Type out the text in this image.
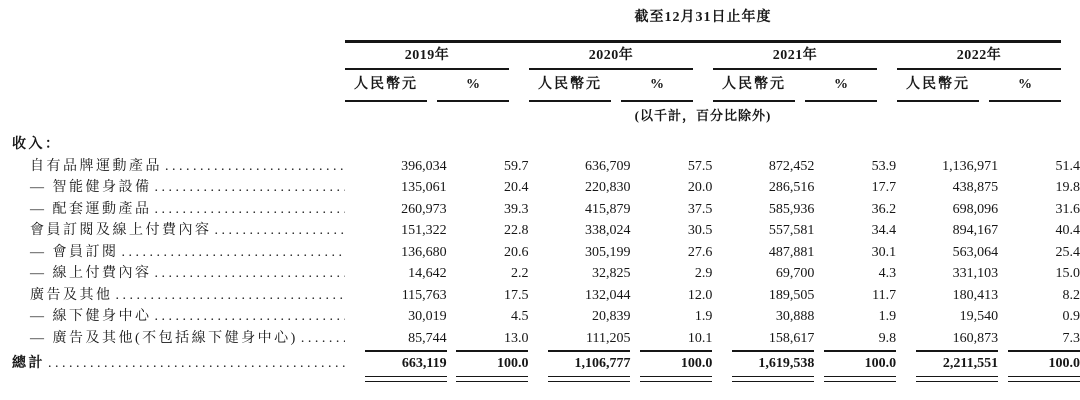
截至12月31日止年度
2019年	2020年	2021年	2022年
人民幣元	%	人民幣元	%	人民幣元	%	人民幣元	%
(以千計，百分比除外)
收入：
自有品牌運動產品 .....	396,034	59.7	636,709	57.5	872,452	53.9	1,136,971	51.4
— 智能健身設備 .....	135,061	20.4	220,830	20.0	286,516	17.7	438,875	19.8
— 配套運動產品 .....	260,973	39.3	415,879	37.5	585,936	36.2	698,096	31.6
會員訂閱及線上付費內容 .....	151,322	22.8	338,024	30.5	557,581	34.4	894,167	40.4
— 會員訂閱 .....	136,680	20.6	305,199	27.6	487,881	30.1	563,064	25.4
— 線上付費內容 .....	14,642	2.2	32,825	2.9	69,700	4.3	331,103	15.0
廣告及其他 .....	115,763	17.5	132,044	12.0	189,505	11.7	180,413	8.2
— 線下健身中心 .....	30,019	4.5	20,839	1.9	30,888	1.9	19,540	0.9
— 廣告及其他(不包括線下健身中心) .....	85,744	13.0	111,205	10.1	158,617	9.8	160,873	7.3
總計 .....	663,119	100.0	1,106,777	100.0	1,619,538	100.0	2,211,551	100.0
